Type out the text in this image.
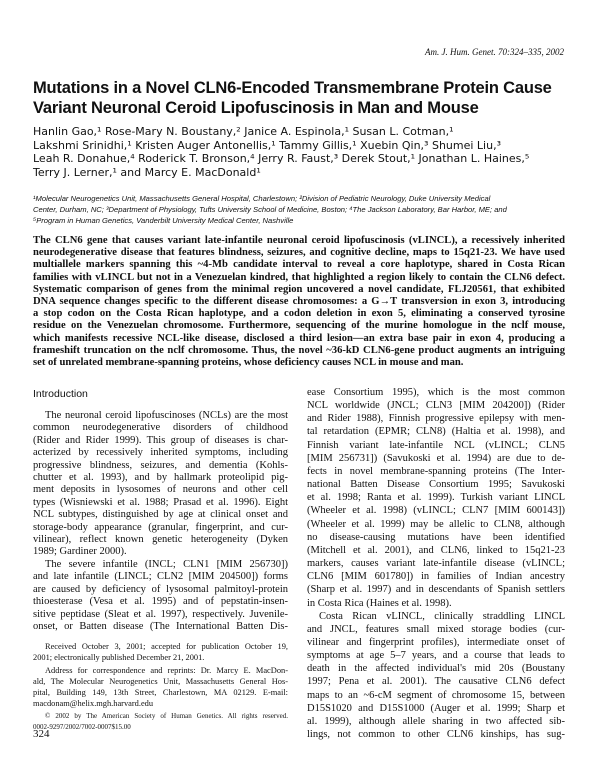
Am. J. Hum. Genet. 70:324–335, 2002
Mutations in a Novel CLN6-Encoded Transmembrane Protein Cause
Variant Neuronal Ceroid Lipofuscinosis in Man and Mouse
Hanlin Gao,¹ Rose-Mary N. Boustany,² Janice A. Espinola,¹ Susan L. Cotman,¹
Lakshmi Srinidhi,¹ Kristen Auger Antonellis,¹ Tammy Gillis,¹ Xuebin Qin,³ Shumei Liu,³
Leah R. Donahue,⁴ Roderick T. Bronson,⁴ Jerry R. Faust,³ Derek Stout,¹ Jonathan L. Haines,⁵
Terry J. Lerner,¹ and Marcy E. MacDonald¹
¹Molecular Neurogenetics Unit, Massachusetts General Hospital, Charlestown; ²Division of Pediatric Neurology, Duke University Medical
Center, Durham, NC; ³Department of Physiology, Tufts University School of Medicine, Boston; ⁴The Jackson Laboratory, Bar Harbor, ME; and
⁵Program in Human Genetics, Vanderbilt University Medical Center, Nashville
The CLN6 gene that causes variant late-infantile neuronal ceroid lipofuscinosis (vLINCL), a recessively inherited
neurodegenerative disease that features blindness, seizures, and cognitive decline, maps to 15q21-23. We have used
multiallele markers spanning this ~4-Mb candidate interval to reveal a core haplotype, shared in Costa Rican
families with vLINCL but not in a Venezuelan kindred, that highlighted a region likely to contain the CLN6 defect.
Systematic comparison of genes from the minimal region uncovered a novel candidate, FLJ20561, that exhibited
DNA sequence changes specific to the different disease chromosomes: a G→T transversion in exon 3, introducing
a stop codon on the Costa Rican haplotype, and a codon deletion in exon 5, eliminating a conserved tyrosine
residue on the Venezuelan chromosome. Furthermore, sequencing of the murine homologue in the nclf mouse,
which manifests recessive NCL-like disease, disclosed a third lesion—an extra base pair in exon 4, producing a
frameshift truncation on the nclf chromosome. Thus, the novel ~36-kD CLN6-gene product augments an intriguing
set of unrelated membrane-spanning proteins, whose deficiency causes NCL in mouse and man.
Introduction
The neuronal ceroid lipofuscinoses (NCLs) are the most
common neurodegenerative disorders of childhood
(Rider and Rider 1999). This group of diseases is char-
acterized by recessively inherited symptoms, including
progressive blindness, seizures, and dementia (Kohls-
chutter et al. 1993), and by hallmark proteolipid pig-
ment deposits in lysosomes of neurons and other cell
types (Wisniewski et al. 1988; Prasad et al. 1996). Eight
NCL subtypes, distinguished by age at clinical onset and
storage-body appearance (granular, fingerprint, and cur-
vilinear), reflect known genetic heterogeneity (Dyken
1989; Gardiner 2000).
The severe infantile (INCL; CLN1 [MIM 256730])
and late infantile (LINCL; CLN2 [MIM 204500]) forms
are caused by deficiency of lysosomal palmitoyl-protein
thioesterase (Vesa et al. 1995) and of pepstatin-insen-
sitive peptidase (Sleat et al. 1997), respectively. Juvenile-
onset, or Batten disease (The International Batten Dis-
ease Consortium 1995), which is the most common
NCL worldwide (JNCL; CLN3 [MIM 204200]) (Rider
and Rider 1988), Finnish progressive epilepsy with men-
tal retardation (EPMR; CLN8) (Haltia et al. 1998), and
Finnish variant late-infantile NCL (vLINCL; CLN5
[MIM 256731]) (Savukoski et al. 1994) are due to de-
fects in novel membrane-spanning proteins (The Inter-
national Batten Disease Consortium 1995; Savukoski
et al. 1998; Ranta et al. 1999). Turkish variant LINCL
(Wheeler et al. 1998) (vLINCL; CLN7 [MIM 600143])
(Wheeler et al. 1999) may be allelic to CLN8, although
no disease-causing mutations have been identified
(Mitchell et al. 2001), and CLN6, linked to 15q21-23
markers, causes variant late-infantile disease (vLINCL;
CLN6 [MIM 601780]) in families of Indian ancestry
(Sharp et al. 1997) and in descendants of Spanish settlers
in Costa Rica (Haines et al. 1998).
Costa Rican vLINCL, clinically straddling LINCL
and JNCL, features small mixed storage bodies (cur-
vilinear and fingerprint profiles), intermediate onset of
symptoms at age 5–7 years, and a course that leads to
death in the affected individual's mid 20s (Boustany
1997; Pena et al. 2001). The causative CLN6 defect
maps to an ~6-cM segment of chromosome 15, between
D15S1020 and D15S1000 (Auger et al. 1999; Sharp et
al. 1999), although allele sharing in two affected sib-
lings, not common to other CLN6 kinships, has sug-
Received October 3, 2001; accepted for publication October 19,
2001; electronically published December 21, 2001.
Address for correspondence and reprints: Dr. Marcy E. MacDon-
ald, The Molecular Neurogenetics Unit, Massachusetts General Hos-
pital, Building 149, 13th Street, Charlestown, MA 02129. E-mail:
macdonam@helix.mgh.harvard.edu
© 2002 by The American Society of Human Genetics. All rights reserved.
0002-9297/2002/7002-0007$15.00
324
